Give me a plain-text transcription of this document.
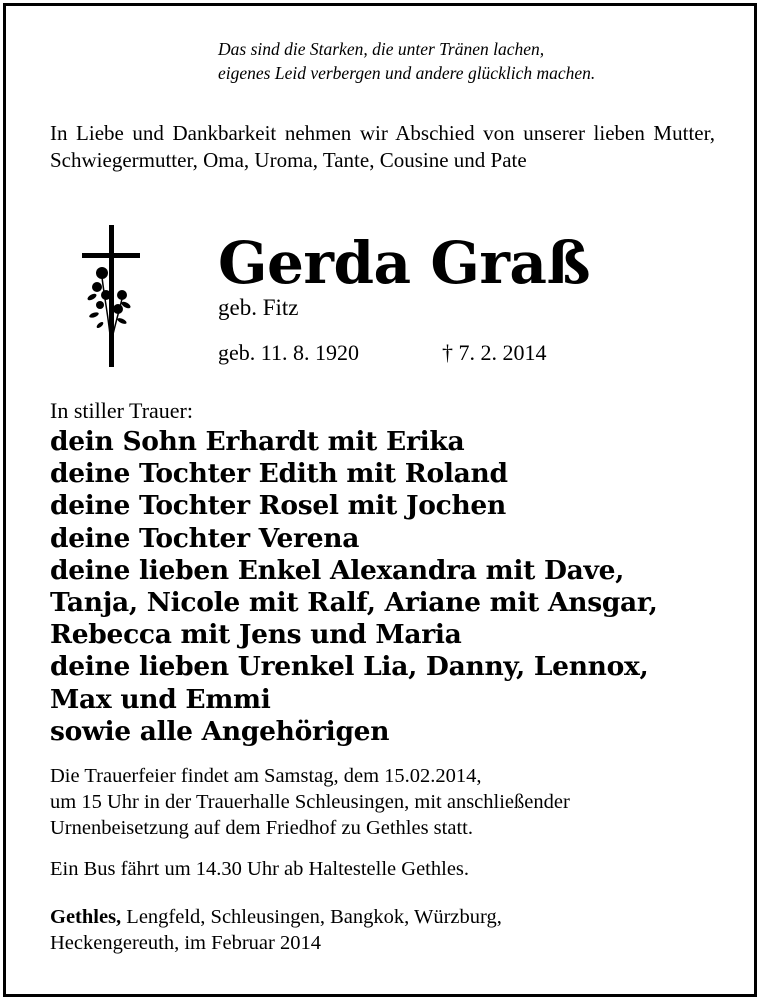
Das sind die Starken, die unter Tränen lachen,
eigenes Leid verbergen und andere glücklich machen.
In Liebe und Dankbarkeit nehmen wir Abschied von unserer lieben Mutter, Schwiegermutter, Oma, Uroma, Tante, Cousine und Pate
Gerda Graß
geb. Fitz
geb. 11. 8. 1920	† 7. 2. 2014
In stiller Trauer:
dein Sohn Erhardt mit Erika
deine Tochter Edith mit Roland
deine Tochter Rosel mit Jochen
deine Tochter Verena
deine lieben Enkel Alexandra mit Dave,
Tanja, Nicole mit Ralf, Ariane mit Ansgar,
Rebecca mit Jens und Maria
deine lieben Urenkel Lia, Danny, Lennox,
Max und Emmi
sowie alle Angehörigen
Die Trauerfeier findet am Samstag, dem 15.02.2014,
um 15 Uhr in der Trauerhalle Schleusingen, mit anschließender
Urnenbeisetzung auf dem Friedhof zu Gethles statt.
Ein Bus fährt um 14.30 Uhr ab Haltestelle Gethles.
Gethles, Lengfeld, Schleusingen, Bangkok, Würzburg,
Heckengereuth, im Februar 2014
